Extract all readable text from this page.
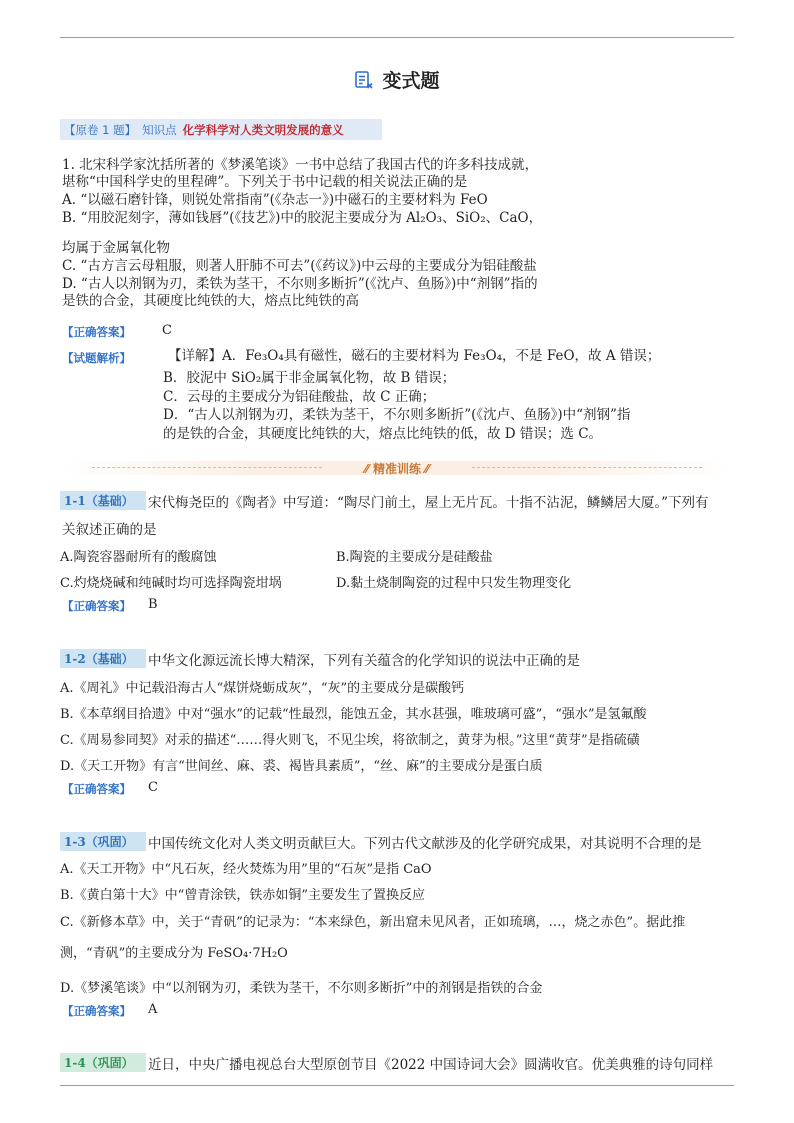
变式题
【原卷 1 题】 知识点 化学科学对人类文明发展的意义
1. 北宋科学家沈括所著的《梦溪笔谈》一书中总结了我国古代的许多科技成就，
堪称“中国科学史的里程碑”。下列关于书中记载的相关说法正确的是
A. “以磁石磨针锋，则锐处常指南”(《杂志一》)中磁石的主要材料为 FeO
B. “用胶泥刻字，薄如钱唇”(《技艺》)中的胶泥主要成分为 Al₂O₃、SiO₂、CaO，
均属于金属氧化物
C. “古方言云母粗服，则著人肝肺不可去”(《药议》)中云母的主要成分为铝硅酸盐
D. “古人以剂钢为刃，柔铁为茎干，不尔则多断折”(《沈卢、鱼肠》)中“剂钢”指的
是铁的合金，其硬度比纯铁的大，熔点比纯铁的高
【正确答案】 C
【试题解析】	【详解】A．Fe₃O₄具有磁性，磁石的主要材料为 Fe₃O₄，不是 FeO，故 A 错误；
B．胶泥中 SiO₂属于非金属氧化物，故 B 错误；
C．云母的主要成分为铝硅酸盐，故 C 正确；
D．“古人以剂钢为刃，柔铁为茎干，不尔则多断折”(《沈卢、鱼肠》)中“剂钢”指
的是铁的合金，其硬度比纯铁的大，熔点比纯铁的低，故 D 错误；选 C。
⁄⁄ 精准训练 ⁄⁄
1-1（基础）	宋代梅尧臣的《陶者》中写道：“陶尽门前土，屋上无片瓦。十指不沾泥，鳞鳞居大厦。”下列有
关叙述正确的是
A.陶瓷容器耐所有的酸腐蚀	B.陶瓷的主要成分是硅酸盐
C.灼烧烧碱和纯碱时均可选择陶瓷坩埚	D.黏土烧制陶瓷的过程中只发生物理变化
【正确答案】 B
1-2（基础）	中华文化源远流长博大精深，下列有关蕴含的化学知识的说法中正确的是
A.《周礼》中记载沿海古人“煤饼烧蛎成灰”，“灰”的主要成分是碳酸钙
B.《本草纲目拾遗》中对“强水”的记载“性最烈，能蚀五金，其水甚强，唯玻璃可盛”，“强水”是氢氟酸
C.《周易参同契》对汞的描述“……得火则飞，不见尘埃，将欲制之，黄芽为根。”这里“黄芽”是指硫磺
D.《天工开物》有言“世间丝、麻、裘、褐皆具素质”，“丝、麻”的主要成分是蛋白质
【正确答案】 C
1-3（巩固）	中国传统文化对人类文明贡献巨大。下列古代文献涉及的化学研究成果，对其说明不合理的是
A.《天工开物》中“凡石灰，经火焚炼为用”里的“石灰”是指 CaO
B.《黄白第十大》中“曾青涂铁，铁赤如铜”主要发生了置换反应
C.《新修本草》中，关于“青矾”的记录为：“本来绿色，新出窟未见风者，正如琉璃，…，烧之赤色”。据此推
测，“青矾”的主要成分为 FeSO₄·7H₂O
D.《梦溪笔谈》中“以剂钢为刃，柔铁为茎干，不尔则多断折”中的剂钢是指铁的合金
【正确答案】 A
1-4（巩固）	近日，中央广播电视总台大型原创节目《2022 中国诗词大会》圆满收官。优美典雅的诗句同样
